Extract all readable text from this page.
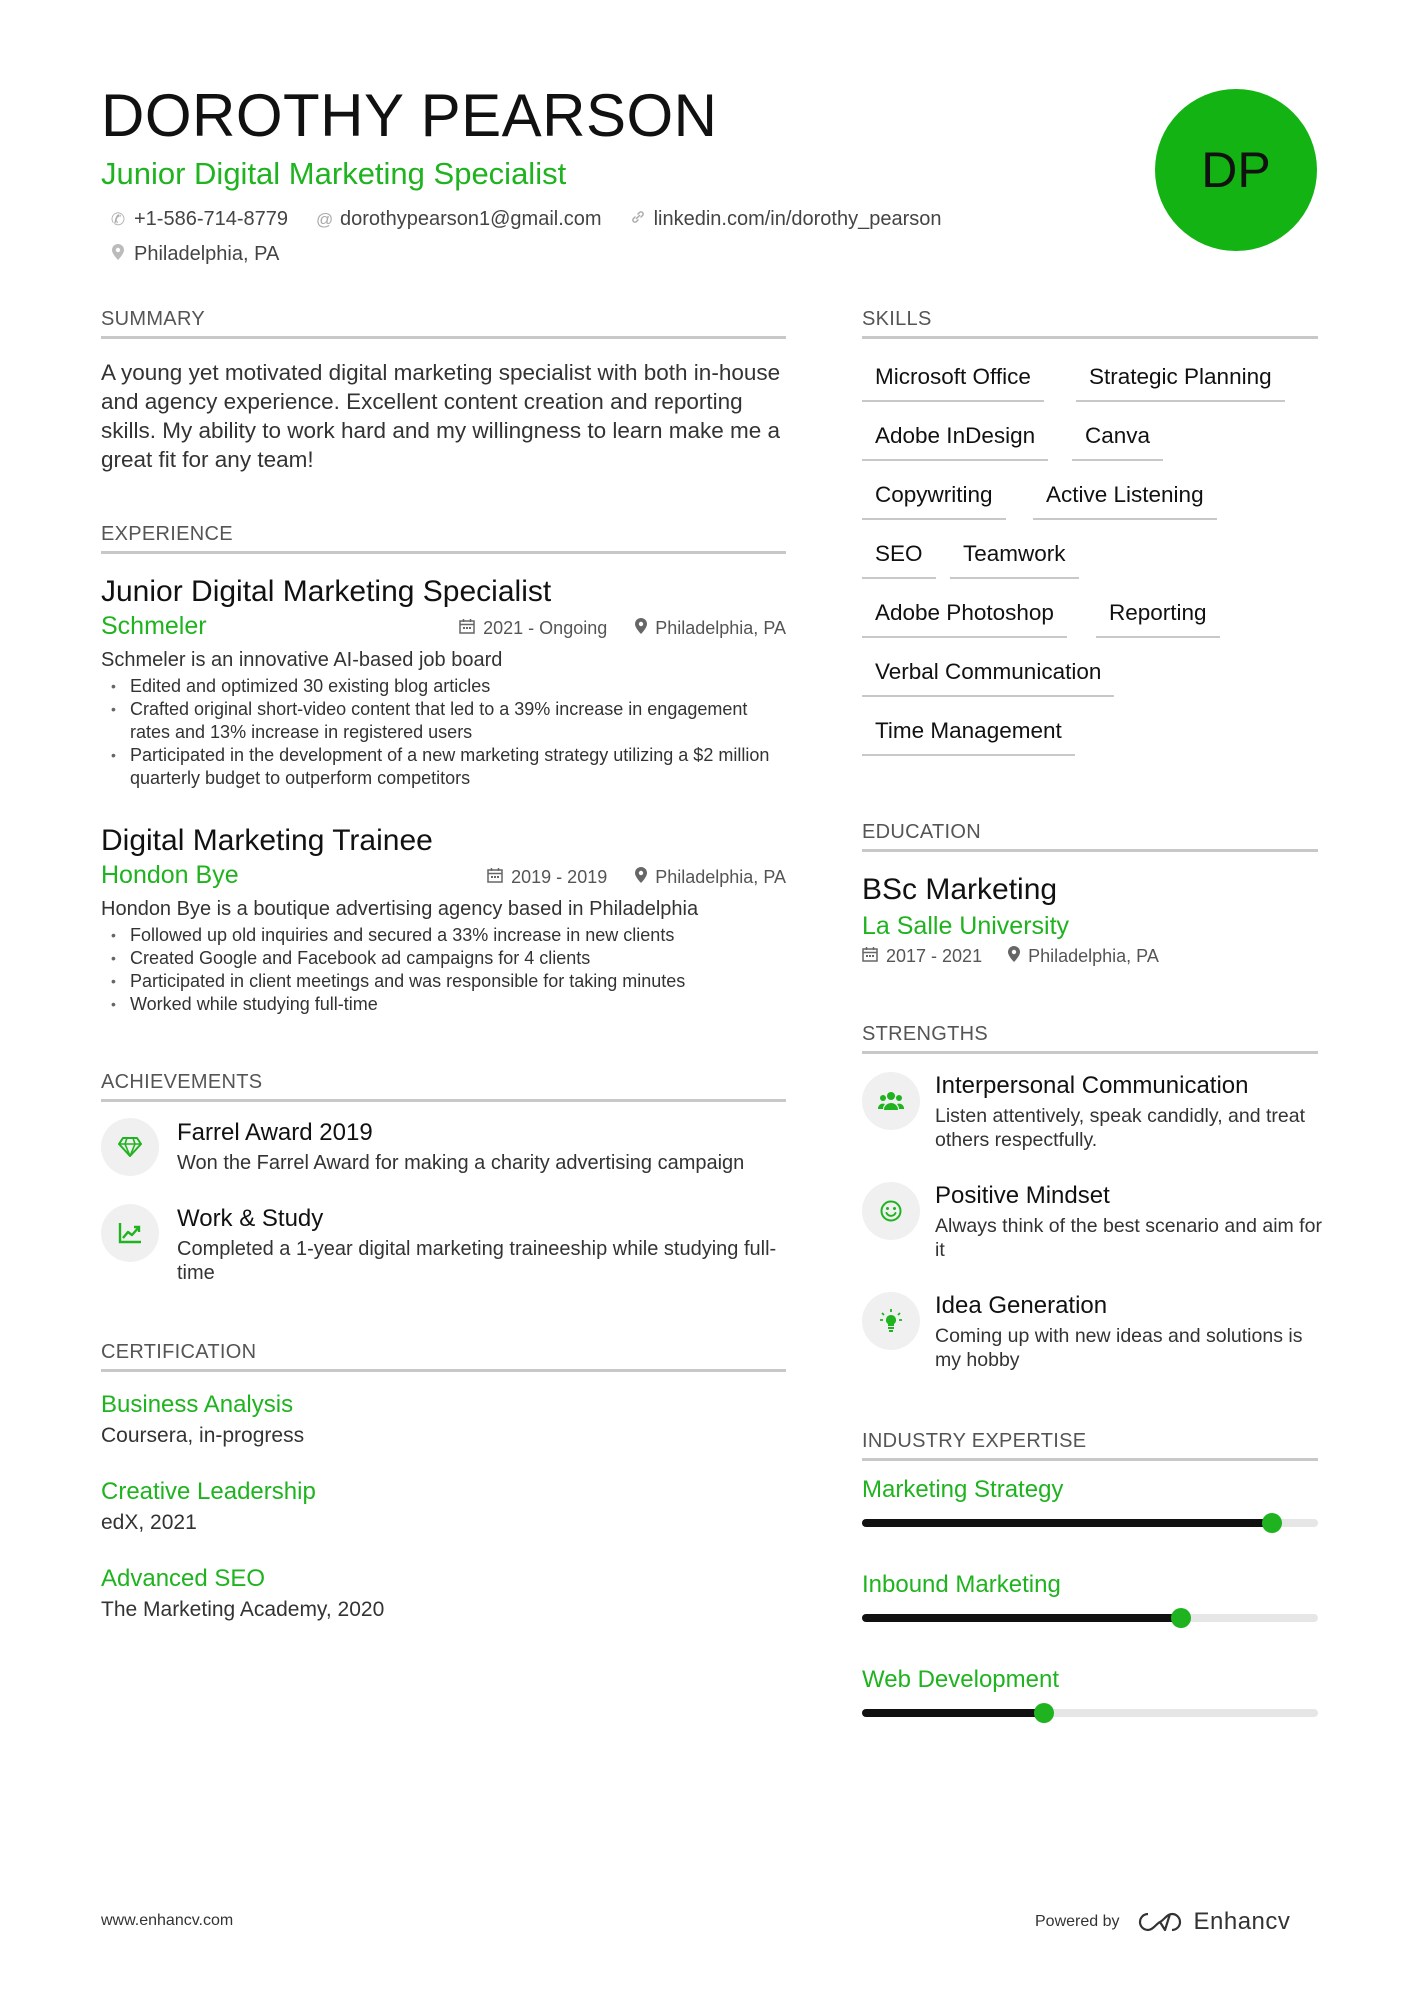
DOROTHY PEARSON
Junior Digital Marketing Specialist
✆ +1-586-714-8779 @ dorothypearson1@gmail.com	linkedin.com/in/dorothy_pearson
Philadelphia, PA
DP
SUMMARY
A young yet motivated digital marketing specialist with both in-house and agency experience. Excellent content creation and reporting skills. My ability to work hard and my willingness to learn make me a great fit for any team!
EXPERIENCE
Junior Digital Marketing Specialist
Schmeler	2021 - Ongoing	Philadelphia, PA
Schmeler is an innovative AI-based job board
• Edited and optimized 30 existing blog articles
• Crafted original short-video content that led to a 39% increase in engagement rates and 13% increase in registered users
• Participated in the development of a new marketing strategy utilizing a $2 million quarterly budget to outperform competitors
Digital Marketing Trainee
Hondon Bye	2019 - 2019	Philadelphia, PA
Hondon Bye is a boutique advertising agency based in Philadelphia
• Followed up old inquiries and secured a 33% increase in new clients
• Created Google and Facebook ad campaigns for 4 clients
• Participated in client meetings and was responsible for taking minutes
• Worked while studying full-time
ACHIEVEMENTS
Farrel Award 2019
Won the Farrel Award for making a charity advertising campaign
Work & Study
Completed a 1-year digital marketing traineeship while studying full-time
CERTIFICATION
Business Analysis
Coursera, in-progress
Creative Leadership
edX, 2021
Advanced SEO
The Marketing Academy, 2020
SKILLS
Microsoft Office	Strategic Planning
Adobe InDesign	Canva
Copywriting	Active Listening
SEO	Teamwork
Adobe Photoshop	Reporting
Verbal Communication
Time Management
EDUCATION
BSc Marketing
La Salle University
2017 - 2021	Philadelphia, PA
STRENGTHS
Interpersonal Communication
Listen attentively, speak candidly, and treat others respectfully.
Positive Mindset
Always think of the best scenario and aim for it
Idea Generation
Coming up with new ideas and solutions is my hobby
INDUSTRY EXPERTISE
Marketing Strategy
Inbound Marketing
Web Development
www.enhancv.com	Powered by	Enhancv
